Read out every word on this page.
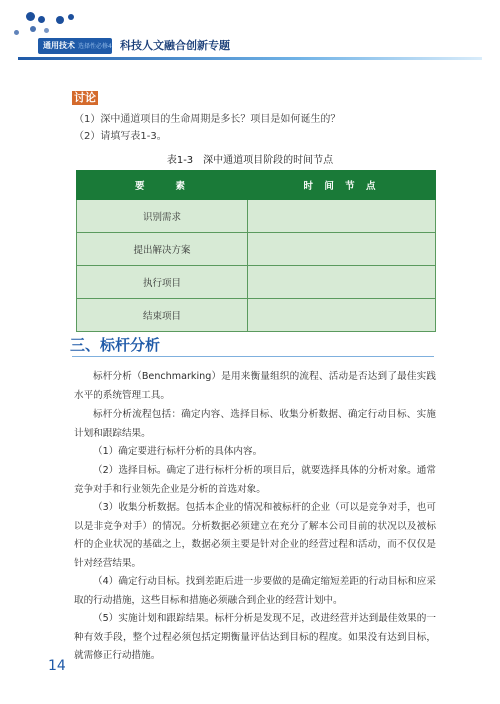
通用技术 选择性必修4 科技人文融合创新专题
讨论
（1）深中通道项目的生命周期是多长？项目是如何诞生的？
（2）请填写表1-3。
表1-3　深中通道项目阶段的时间节点
要　　素	时 间 节 点
识别需求	
提出解决方案	
执行项目	
结束项目	
三、标杆分析
标杆分析（Benchmarking）是用来衡量组织的流程、活动是否达到了最佳实践水平的系统管理工具。
标杆分析流程包括：确定内容、选择目标、收集分析数据、确定行动目标、实施计划和跟踪结果。
（1）确定要进行标杆分析的具体内容。
（2）选择目标。确定了进行标杆分析的项目后，就要选择具体的分析对象。通常竞争对手和行业领先企业是分析的首选对象。
（3）收集分析数据。包括本企业的情况和被标杆的企业（可以是竞争对手，也可以是非竞争对手）的情况。分析数据必须建立在充分了解本公司目前的状况以及被标杆的企业状况的基础之上，数据必须主要是针对企业的经营过程和活动，而不仅仅是针对经营结果。
（4）确定行动目标。找到差距后进一步要做的是确定缩短差距的行动目标和应采取的行动措施，这些目标和措施必须融合到企业的经营计划中。
（5）实施计划和跟踪结果。标杆分析是发现不足，改进经营并达到最佳效果的一种有效手段，整个过程必须包括定期衡量评估达到目标的程度。如果没有达到目标，就需修正行动措施。
14
